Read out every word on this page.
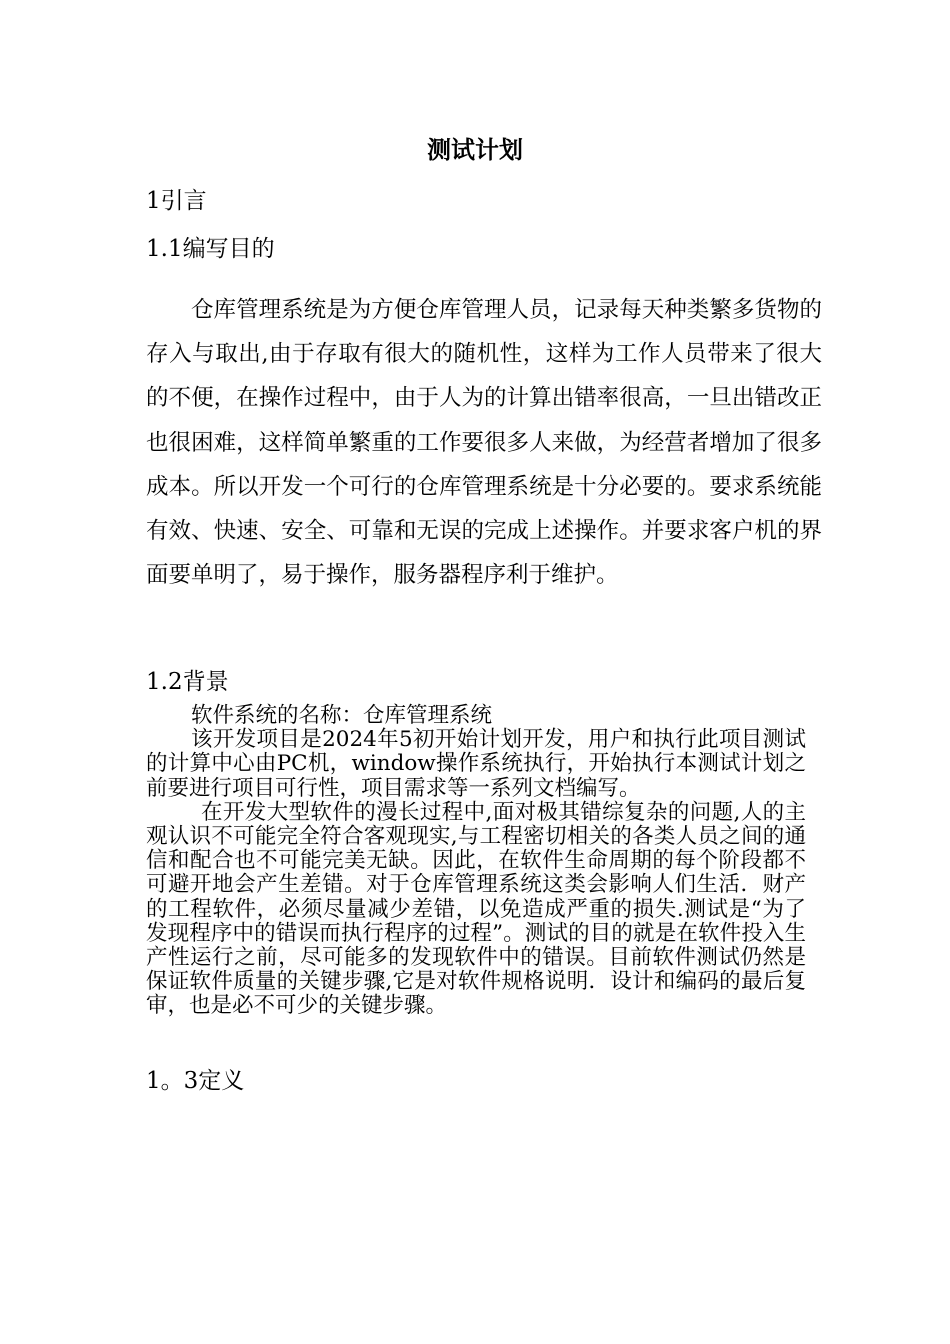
测试计划
1引言
1.1编写目的

仓库管理系统是为方便仓库管理人员，记录每天种类繁多货物的存入与取出,由于存取有很大的随机性，这样为工作人员带来了很大的不便，在操作过程中，由于人为的计算出错率很高，一旦出错改正也很困难，这样简单繁重的工作要很多人来做，为经营者增加了很多成本。所以开发一个可行的仓库管理系统是十分必要的。要求系统能有效、快速、安全、可靠和无误的完成上述操作。并要求客户机的界面要单明了，易于操作，服务器程序利于维护。

1.2背景

软件系统的名称：仓库管理系统

该开发项目是2024年5初开始计划开发，用户和执行此项目测试的计算中心由PC机，window操作系统执行，开始执行本测试计划之前要进行项目可行性，项目需求等一系列文档编写。

在开发大型软件的漫长过程中,面对极其错综复杂的问题,人的主观认识不可能完全符合客观现实,与工程密切相关的各类人员之间的通信和配合也不可能完美无缺。因此，在软件生命周期的每个阶段都不可避开地会产生差错。对于仓库管理系统这类会影响人们生活．财产的工程软件，必须尽量减少差错，以免造成严重的损失.测试是“为了发现程序中的错误而执行程序的过程”。测试的目的就是在软件投入生产性运行之前，尽可能多的发现软件中的错误。目前软件测试仍然是保证软件质量的关键步骤,它是对软件规格说明．设计和编码的最后复审，也是必不可少的关键步骤。

1。3定义
